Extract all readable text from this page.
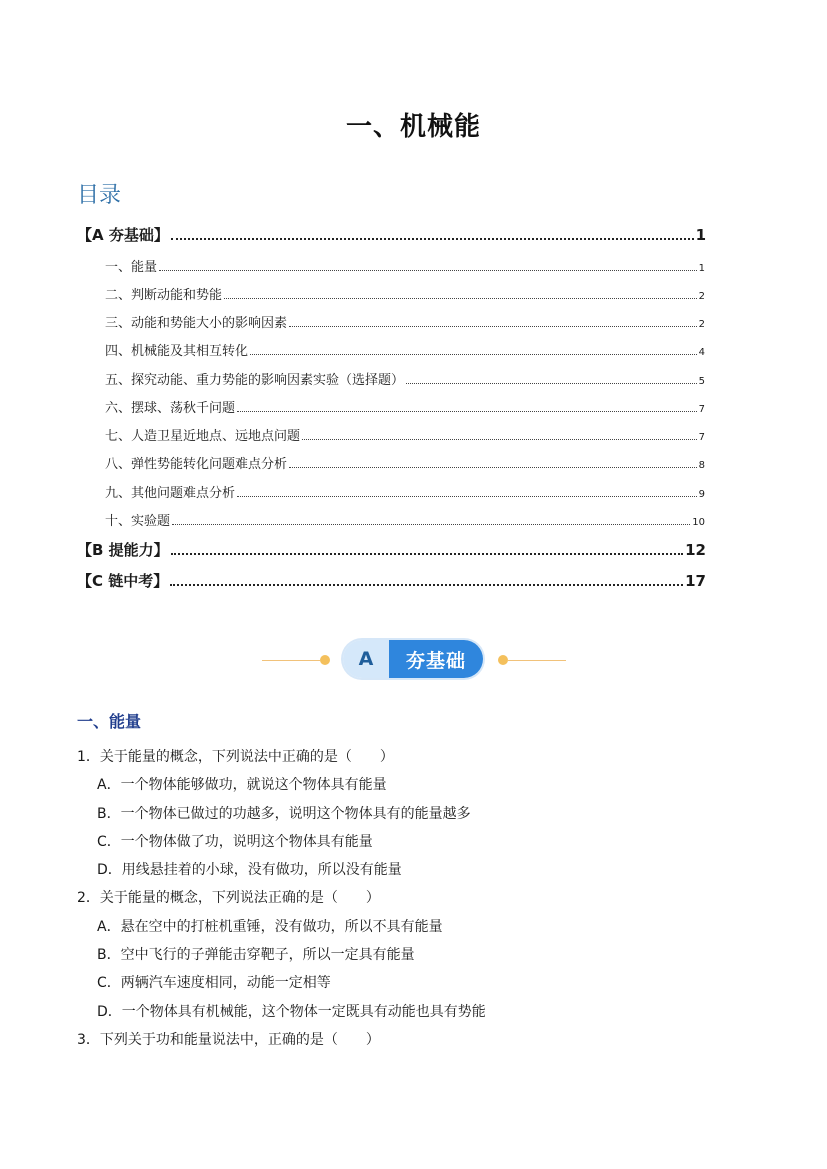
一、机械能
目录
【A 夯基础】	1
一、能量	1
二、判断动能和势能	2
三、动能和势能大小的影响因素	2
四、机械能及其相互转化	4
五、探究动能、重力势能的影响因素实验（选择题）	5
六、摆球、荡秋千问题	7
七、人造卫星近地点、远地点问题	7
八、弹性势能转化问题难点分析	8
九、其他问题难点分析	9
十、实验题	10
【B 提能力】	12
【C 链中考】	17
A	夯基础
一、能量
1．关于能量的概念，下列说法中正确的是（　　）
A．一个物体能够做功，就说这个物体具有能量
B．一个物体已做过的功越多，说明这个物体具有的能量越多
C．一个物体做了功，说明这个物体具有能量
D．用线悬挂着的小球，没有做功，所以没有能量
2．关于能量的概念，下列说法正确的是（　　）
A．悬在空中的打桩机重锤，没有做功，所以不具有能量
B．空中飞行的子弹能击穿靶子，所以一定具有能量
C．两辆汽车速度相同，动能一定相等
D．一个物体具有机械能，这个物体一定既具有动能也具有势能
3．下列关于功和能量说法中，正确的是（　　）
